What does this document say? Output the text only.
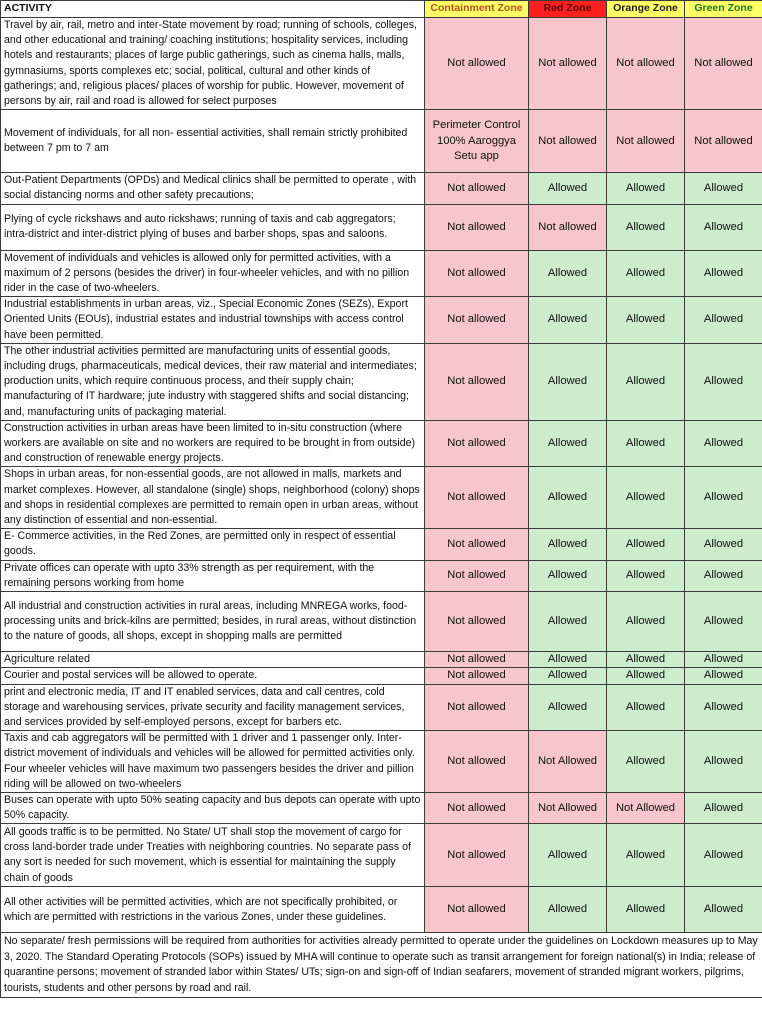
ACTIVITY	Containment Zone	Red Zone	Orange Zone	Green Zone
Travel by air, rail, metro and inter-State movement by road; running of schools, colleges, and other educational and training/ coaching institutions; hospitality services, including hotels and restaurants; places of large public gatherings, such as cinema halls, malls, gymnasiums, sports complexes etc; social, political, cultural and other kinds of gatherings; and, religious places/ places of worship for public. However, movement of persons by air, rail and road is allowed for select purposes	Not allowed	Not allowed	Not allowed	Not allowed
Movement of individuals, for all non- essential activities, shall remain strictly prohibited between 7 pm to 7 am	Perimeter Control 100% Aaroggya Setu app	Not allowed	Not allowed	Not allowed
Out-Patient Departments (OPDs) and Medical clinics shall be permitted to operate , with social distancing norms and other safety precautions;	Not allowed	Allowed	Allowed	Allowed
Plying of cycle rickshaws and auto rickshaws; running of taxis and cab aggregators; intra-district and inter-district plying of buses and barber shops, spas and saloons.	Not allowed	Not allowed	Allowed	Allowed
Movement of individuals and vehicles is allowed only for permitted activities, with a maximum of 2 persons (besides the driver) in four-wheeler vehicles, and with no pillion rider in the case of two-wheelers.	Not allowed	Allowed	Allowed	Allowed
Industrial establishments in urban areas, viz., Special Economic Zones (SEZs), Export Oriented Units (EOUs), industrial estates and industrial townships with access control have been permitted.	Not allowed	Allowed	Allowed	Allowed
The other industrial activities permitted are manufacturing units of essential goods, including drugs, pharmaceuticals, medical devices, their raw material and intermediates; production units, which require continuous process, and their supply chain; manufacturing of IT hardware; jute industry with staggered shifts and social distancing; and, manufacturing units of packaging material.	Not allowed	Allowed	Allowed	Allowed
Construction activities in urban areas have been limited to in-situ construction (where workers are available on site and no workers are required to be brought in from outside) and construction of renewable energy projects.	Not allowed	Allowed	Allowed	Allowed
Shops in urban areas, for non-essential goods, are not allowed in malls, markets and market complexes. However, all standalone (single) shops, neighborhood (colony) shops and shops in residential complexes are permitted to remain open in urban areas, without any distinction of essential and non-essential.	Not allowed	Allowed	Allowed	Allowed
E- Commerce activities, in the Red Zones, are permitted only in respect of essential goods.	Not allowed	Allowed	Allowed	Allowed
Private offices can operate with upto 33% strength as per requirement, with the remaining persons working from home	Not allowed	Allowed	Allowed	Allowed
All industrial and construction activities in rural areas, including MNREGA works, food-processing units and brick-kilns are permitted; besides, in rural areas, without distinction to the nature of goods, all shops, except in shopping malls are permitted	Not allowed	Allowed	Allowed	Allowed
Agriculture related	Not allowed	Allowed	Allowed	Allowed
Courier and postal services will be allowed to operate.	Not allowed	Allowed	Allowed	Allowed
print and electronic media, IT and IT enabled services, data and call centres, cold storage and warehousing services, private security and facility management services, and services provided by self-employed persons, except for barbers etc.	Not allowed	Allowed	Allowed	Allowed
Taxis and cab aggregators will be permitted with 1 driver and 1 passenger only. Inter-district movement of individuals and vehicles will be allowed for permitted activities only. Four wheeler vehicles will have maximum two passengers besides the driver and pillion riding will be allowed on two-wheelers	Not allowed	Not Allowed	Allowed	Allowed
Buses can operate with upto 50% seating capacity and bus depots can operate with upto 50% capacity.	Not allowed	Not Allowed	Not Allowed	Allowed
All goods traffic is to be permitted. No State/ UT shall stop the movement of cargo for cross land-border trade under Treaties with neighboring countries. No separate pass of any sort is needed for such movement, which is essential for maintaining the supply chain of goods	Not allowed	Allowed	Allowed	Allowed
All other activities will be permitted activities, which are not specifically prohibited, or which are permitted with restrictions in the various Zones, under these guidelines.	Not allowed	Allowed	Allowed	Allowed
No separate/ fresh permissions will be required from authorities for activities already permitted to operate under the guidelines on Lockdown measures up to May 3, 2020. The Standard Operating Protocols (SOPs) issued by MHA will continue to operate such as transit arrangement for foreign national(s) in India; release of quarantine persons; movement of stranded labor within States/ UTs; sign-on and sign-off of Indian seafarers, movement of stranded migrant workers, pilgrims, tourists, students and other persons by road and rail.				
